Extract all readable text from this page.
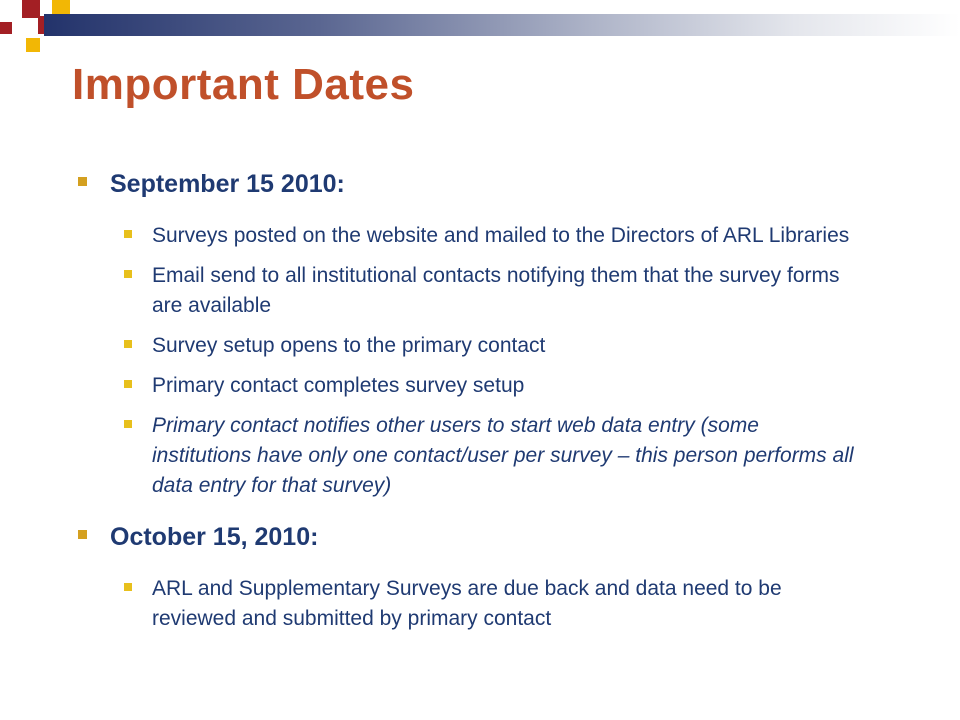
Important Dates
September 15 2010:
Surveys posted on the website and mailed to the Directors of ARL Libraries
Email send to all institutional contacts notifying them that the survey forms are available
Survey setup opens to the primary contact
Primary contact completes survey setup
Primary contact notifies other users to start web data entry (some institutions have only one contact/user per survey – this person performs all data entry for that survey)
October 15, 2010:
ARL and Supplementary Surveys are due back and data need to be reviewed and submitted by primary contact
